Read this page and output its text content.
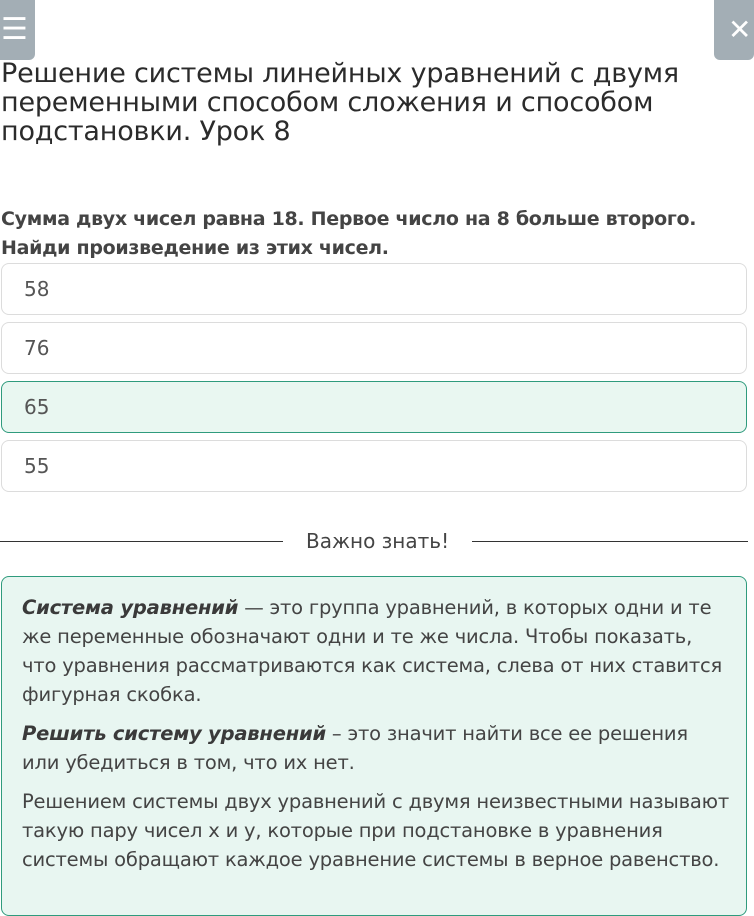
☰	✕
Решение системы линейных уравнений с двумя переменными способом сложения и способом подстановки. Урок 8

Сумма двух чисел равна 18. Первое число на 8 больше второго. Найди произведение из этих чисел.

58
76
65
55
Важно знать!

Система уравнений — это группа уравнений, в которых одни и те же переменные обозначают одни и те же числа. Чтобы показать, что уравнения рассматриваются как система, слева от них ставится фигурная скобка.

Решить систему уравнений – это значит найти все ее решения или убедиться в том, что их нет.

Решением системы двух уравнений с двумя неизвестными называют такую пару чисел x и y, которые при подстановке в уравнения системы обращают каждое уравнение системы в верное равенство.
